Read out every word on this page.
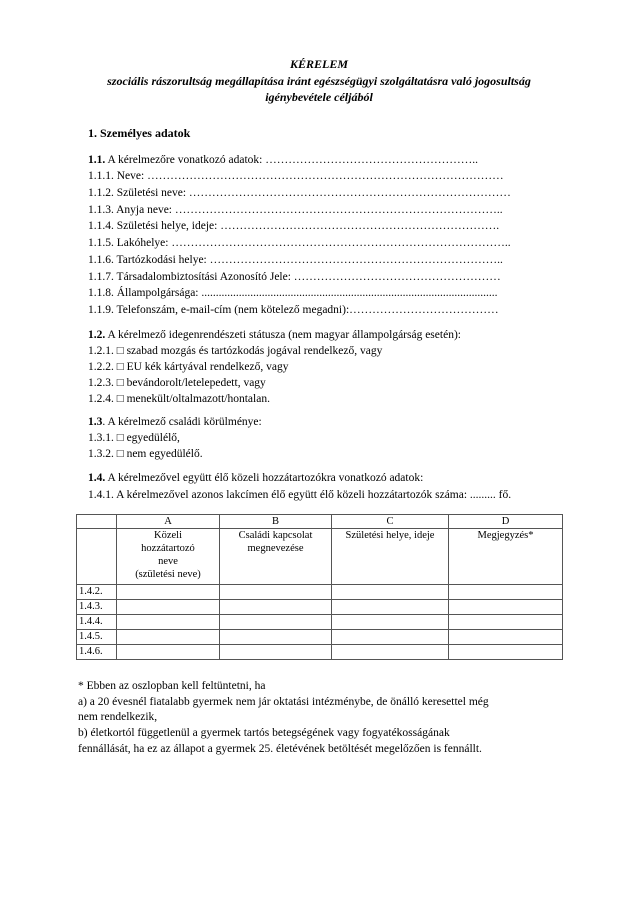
KÉRELEM
szociális rászorultság megállapítása iránt egészségügyi szolgáltatásra való jogosultság
igénybevétele céljából
1. Személyes adatok
1.1. A kérelmezőre vonatkozó adatok: ………………………………………………..
1.1.1. Neve: …………………………………………………………………………………
1.1.2. Születési neve: …………………………………………………………………………
1.1.3. Anyja neve: …………………………………………………………………………..
1.1.4. Születési helye, ideje: ……………………………………………………………….
1.1.5. Lakóhelye: ……………………………………………………………………………..
1.1.6. Tartózkodási helye: …………………………………………………………………..
1.1.7. Társadalombiztosítási Azonosító Jele: ………………………………………………
1.1.8. Állampolgársága: .......................................................................................................
1.1.9. Telefonszám, e-mail-cím (nem kötelező megadni):…………………………………
1.2. A kérelmező idegenrendészeti státusza (nem magyar állampolgárság esetén):
1.2.1. □ szabad mozgás és tartózkodás jogával rendelkező, vagy
1.2.2. □ EU kék kártyával rendelkező, vagy
1.2.3. □ bevándorolt/letelepedett, vagy
1.2.4. □ menekült/oltalmazott/hontalan.
1.3. A kérelmező családi körülménye:
1.3.1. □ egyedülélő,
1.3.2. □ nem egyedülélő.
1.4. A kérelmezővel együtt élő közeli hozzátartozókra vonatkozó adatok:
1.4.1. A kérelmezővel azonos lakcímen élő együtt élő közeli hozzátartozók száma: ......... fő.
	A	B	C	D
	Közeli
hozzátartozó
neve
(születési neve)	Családi kapcsolat
megnevezése	Születési helye, ideje	Megjegyzés*
1.4.2.				
1.4.3.				
1.4.4.				
1.4.5.				
1.4.6.				
* Ebben az oszlopban kell feltüntetni, ha
a) a 20 évesnél fiatalabb gyermek nem jár oktatási intézménybe, de önálló keresettel még
nem rendelkezik,
b) életkortól függetlenül a gyermek tartós betegségének vagy fogyatékosságának
fennállását, ha ez az állapot a gyermek 25. életévének betöltését megelőzően is fennállt.
